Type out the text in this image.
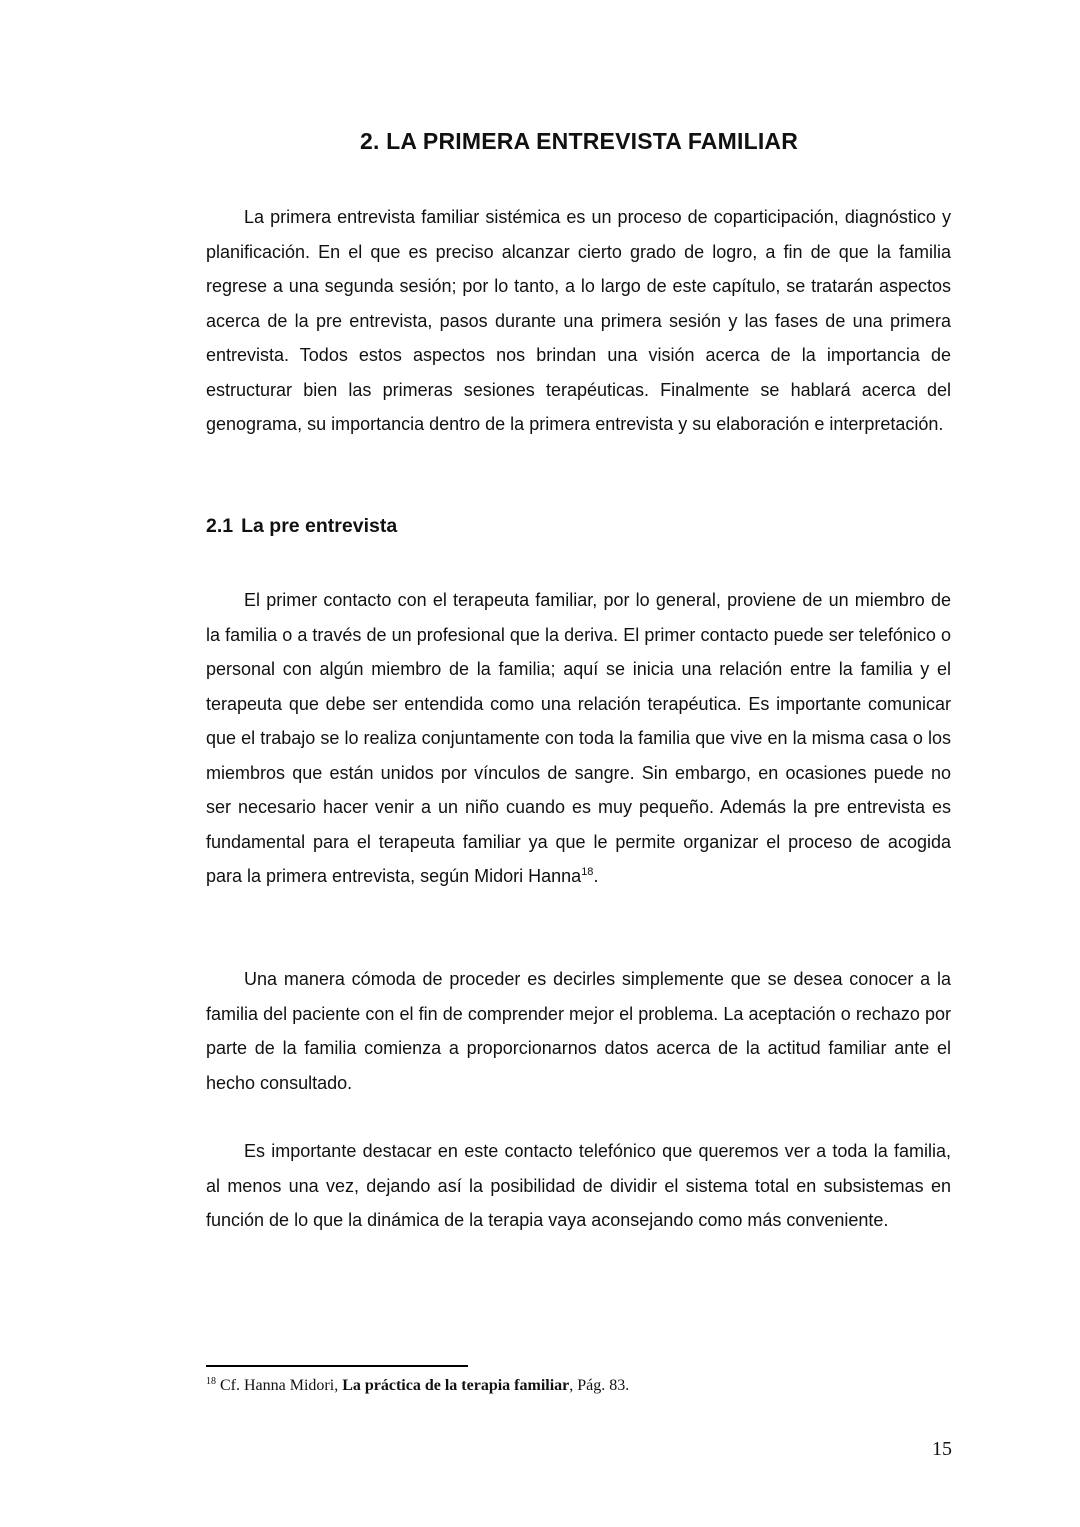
2. LA PRIMERA ENTREVISTA FAMILIAR

La primera entrevista familiar sistémica es un proceso de coparticipación, diagnóstico y planificación. En el que es preciso alcanzar cierto grado de logro, a fin de que la familia regrese a una segunda sesión; por lo tanto, a lo largo de este capítulo, se tratarán aspectos acerca de la pre entrevista, pasos durante una primera sesión y las fases de una primera entrevista. Todos estos aspectos nos brindan una visión acerca de la importancia de estructurar bien las primeras sesiones terapéuticas. Finalmente se hablará acerca del genograma, su importancia dentro de la primera entrevista y su elaboración e interpretación.

2.1 La pre entrevista

El primer contacto con el terapeuta familiar, por lo general, proviene de un miembro de la familia o a través de un profesional que la deriva. El primer contacto puede ser telefónico o personal con algún miembro de la familia; aquí se inicia una relación entre la familia y el terapeuta que debe ser entendida como una relación terapéutica. Es importante comunicar que el trabajo se lo realiza conjuntamente con toda la familia que vive en la misma casa o los miembros que están unidos por vínculos de sangre. Sin embargo, en ocasiones puede no ser necesario hacer venir a un niño cuando es muy pequeño. Además la pre entrevista es fundamental para el terapeuta familiar ya que le permite organizar el proceso de acogida para la primera entrevista, según Midori Hanna$^{18}$.

Una manera cómoda de proceder es decirles simplemente que se desea conocer a la familia del paciente con el fin de comprender mejor el problema. La aceptación o rechazo por parte de la familia comienza a proporcionarnos datos acerca de la actitud familiar ante el hecho consultado.

Es importante destacar en este contacto telefónico que queremos ver a toda la familia, al menos una vez, dejando así la posibilidad de dividir el sistema total en subsistemas en función de lo que la dinámica de la terapia vaya aconsejando como más conveniente.

$^{18}$ Cf. Hanna Midori, La práctica de la terapia familiar, Pág. 83.
15
